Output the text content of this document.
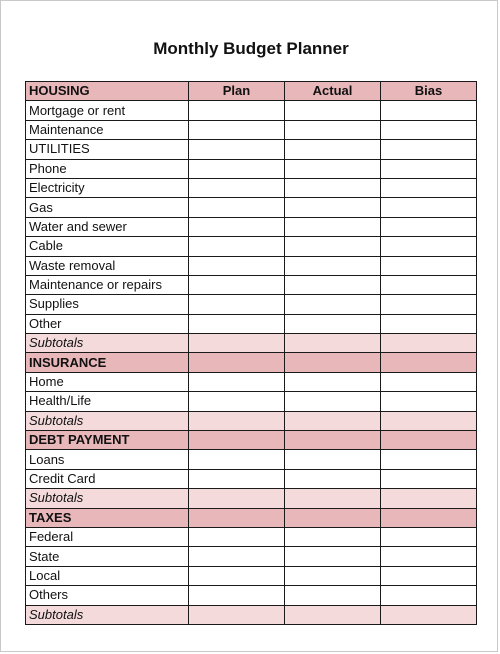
Monthly Budget Planner
HOUSING	Plan	Actual	Bias
Mortgage or rent			
Maintenance			
UTILITIES			
Phone			
Electricity			
Gas			
Water and sewer			
Cable			
Waste removal			
Maintenance or repairs			
Supplies			
Other			
Subtotals			
INSURANCE			
Home			
Health/Life			
Subtotals			
DEBT PAYMENT			
Loans			
Credit Card			
Subtotals			
TAXES			
Federal			
State			
Local			
Others			
Subtotals			
